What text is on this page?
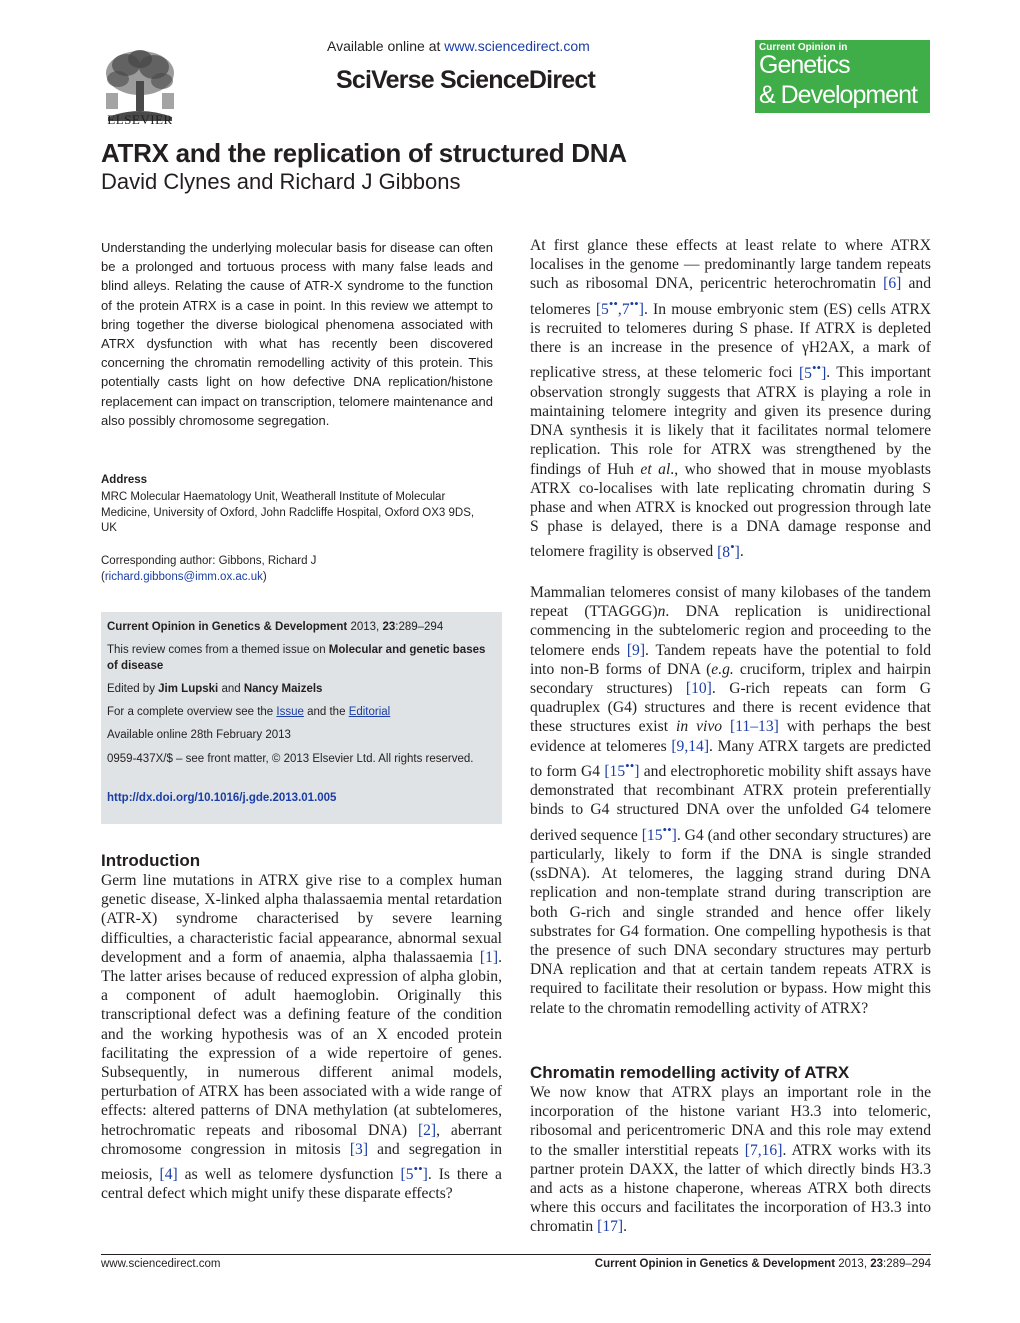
ELSEVIER
Available online at www.sciencedirect.com
SciVerse ScienceDirect
Current Opinion in
Genetics
& Development
ATRX and the replication of structured DNA
David Clynes and Richard J Gibbons
Understanding the underlying molecular basis for disease can often be a prolonged and tortuous process with many false leads and blind alleys. Relating the cause of ATR-X syndrome to the function of the protein ATRX is a case in point. In this review we attempt to bring together the diverse biological phenomena associated with ATRX dysfunction with what has recently been discovered concerning the chromatin remodelling activity of this protein. This potentially casts light on how defective DNA replication/histone replacement can impact on transcription, telomere maintenance and also possibly chromosome segregation.
Address
MRC Molecular Haematology Unit, Weatherall Institute of Molecular Medicine, University of Oxford, John Radcliffe Hospital, Oxford OX3 9DS, UK
Corresponding author: Gibbons, Richard J
(richard.gibbons@imm.ox.ac.uk)
Current Opinion in Genetics & Development 2013, 23:289–294
This review comes from a themed issue on Molecular and genetic bases of disease
Edited by Jim Lupski and Nancy Maizels
For a complete overview see the Issue and the Editorial
Available online 28th February 2013
0959-437X/$ – see front matter, © 2013 Elsevier Ltd. All rights reserved.
http://dx.doi.org/10.1016/j.gde.2013.01.005
Introduction
Germ line mutations in ATRX give rise to a complex human genetic disease, X-linked alpha thalassaemia mental retardation (ATR-X) syndrome characterised by severe learning difficulties, a characteristic facial appearance, abnormal sexual development and a form of anaemia, alpha thalassaemia [1]. The latter arises because of reduced expression of alpha globin, a component of adult haemoglobin. Originally this transcriptional defect was a defining feature of the condition and the working hypothesis was of an X encoded protein facilitating the expression of a wide repertoire of genes. Subsequently, in numerous different animal models, perturbation of ATRX has been associated with a wide range of effects: altered patterns of DNA methylation (at subtelomeres, hetrochromatic repeats and ribosomal DNA) [2], aberrant chromosome congression in mitosis [3] and segregation in meiosis, [4] as well as telomere dysfunction [5••]. Is there a central defect which might unify these disparate effects?
At first glance these effects at least relate to where ATRX localises in the genome — predominantly large tandem repeats such as ribosomal DNA, pericentric heterochromatin [6] and telomeres [5••,7••]. In mouse embryonic stem (ES) cells ATRX is recruited to telomeres during S phase. If ATRX is depleted there is an increase in the presence of γH2AX, a mark of replicative stress, at these telomeric foci [5••]. This important observation strongly suggests that ATRX is playing a role in maintaining telomere integrity and given its presence during DNA synthesis it is likely that it facilitates normal telomere replication. This role for ATRX was strengthened by the findings of Huh et al., who showed that in mouse myoblasts ATRX co-localises with late replicating chromatin during S phase and when ATRX is knocked out progression through late S phase is delayed, there is a DNA damage response and telomere fragility is observed [8•].
Mammalian telomeres consist of many kilobases of the tandem repeat (TTAGGG)n. DNA replication is unidirectional commencing in the subtelomeric region and proceeding to the telomere ends [9]. Tandem repeats have the potential to fold into non-B forms of DNA (e.g. cruciform, triplex and hairpin secondary structures) [10]. G-rich repeats can form G quadruplex (G4) structures and there is recent evidence that these structures exist in vivo [11–13] with perhaps the best evidence at telomeres [9,14]. Many ATRX targets are predicted to form G4 [15••] and electrophoretic mobility shift assays have demonstrated that recombinant ATRX protein preferentially binds to G4 structured DNA over the unfolded G4 telomere derived sequence [15••]. G4 (and other secondary structures) are particularly, likely to form if the DNA is single stranded (ssDNA). At telomeres, the lagging strand during DNA replication and non-template strand during transcription are both G-rich and single stranded and hence offer likely substrates for G4 formation. One compelling hypothesis is that the presence of such DNA secondary structures may perturb DNA replication and that at certain tandem repeats ATRX is required to facilitate their resolution or bypass. How might this relate to the chromatin remodelling activity of ATRX?
Chromatin remodelling activity of ATRX
We now know that ATRX plays an important role in the incorporation of the histone variant H3.3 into telomeric, ribosomal and pericentromeric DNA and this role may extend to the smaller interstitial repeats [7,16]. ATRX works with its partner protein DAXX, the latter of which directly binds H3.3 and acts as a histone chaperone, whereas ATRX both directs where this occurs and facilitates the incorporation of H3.3 into chromatin [17].
www.sciencedirect.com	Current Opinion in Genetics & Development 2013, 23:289–294
